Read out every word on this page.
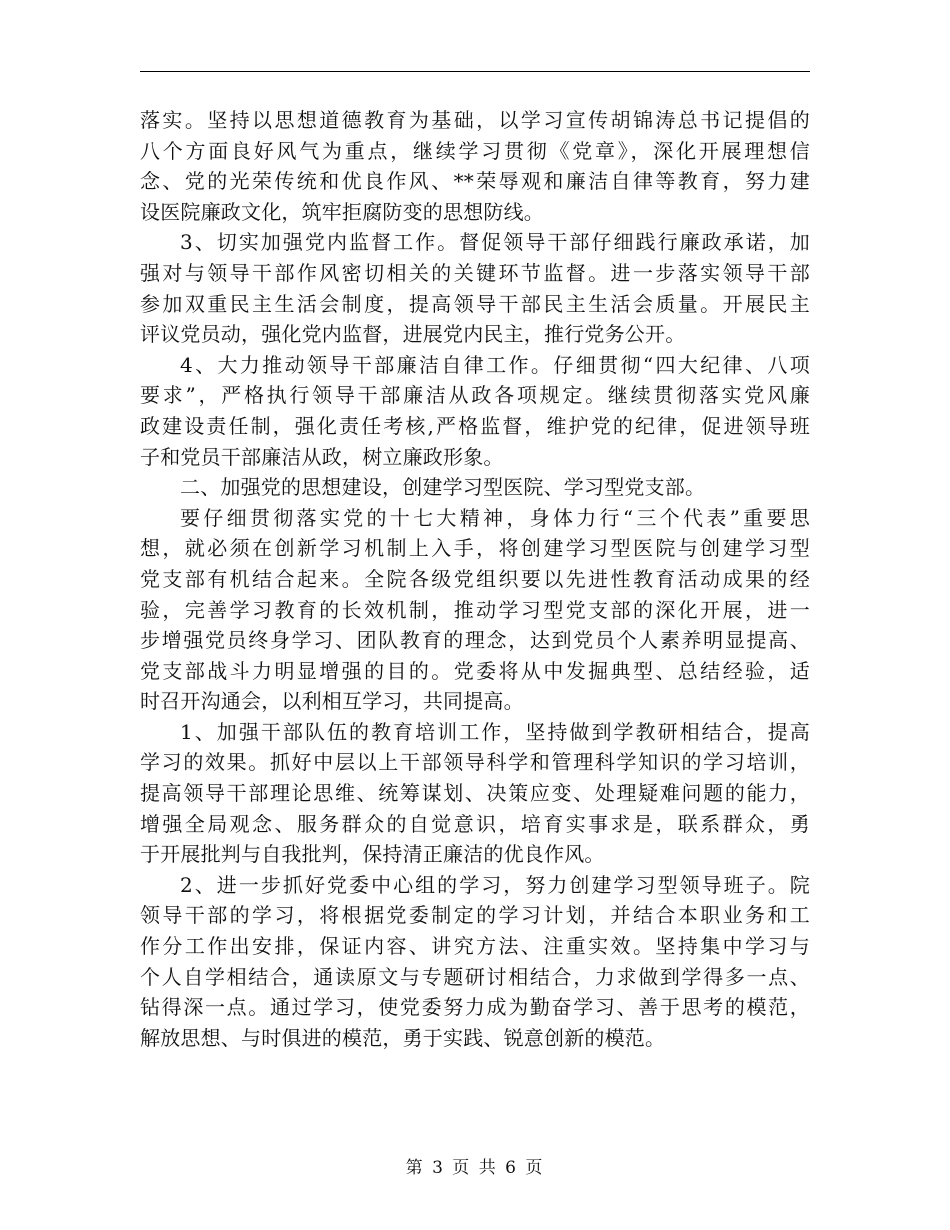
落实。坚持以思想道德教育为基础，以学习宣传胡锦涛总书记提倡的
八个方面良好风气为重点，继续学习贯彻《党章》，深化开展理想信
念、党的光荣传统和优良作风、**荣辱观和廉洁自律等教育，努力建
设医院廉政文化，筑牢拒腐防变的思想防线。
3、切实加强党内监督工作。督促领导干部仔细践行廉政承诺，加
强对与领导干部作风密切相关的关键环节监督。进一步落实领导干部
参加双重民主生活会制度，提高领导干部民主生活会质量。开展民主
评议党员动，强化党内监督，进展党内民主，推行党务公开。
4、大力推动领导干部廉洁自律工作。仔细贯彻“四大纪律、八项
要求”，严格执行领导干部廉洁从政各项规定。继续贯彻落实党风廉
政建设责任制，强化责任考核,严格监督，维护党的纪律，促进领导班
子和党员干部廉洁从政，树立廉政形象。
二、加强党的思想建设，创建学习型医院、学习型党支部。
要仔细贯彻落实党的十七大精神，身体力行“三个代表”重要思
想，就必须在创新学习机制上入手，将创建学习型医院与创建学习型
党支部有机结合起来。全院各级党组织要以先进性教育活动成果的经
验，完善学习教育的长效机制，推动学习型党支部的深化开展，进一
步增强党员终身学习、团队教育的理念，达到党员个人素养明显提高、
党支部战斗力明显增强的目的。党委将从中发掘典型、总结经验，适
时召开沟通会，以利相互学习，共同提高。
1、加强干部队伍的教育培训工作，坚持做到学教研相结合，提高
学习的效果。抓好中层以上干部领导科学和管理科学知识的学习培训，
提高领导干部理论思维、统筹谋划、决策应变、处理疑难问题的能力，
增强全局观念、服务群众的自觉意识，培育实事求是，联系群众，勇
于开展批判与自我批判，保持清正廉洁的优良作风。
2、进一步抓好党委中心组的学习，努力创建学习型领导班子。院
领导干部的学习，将根据党委制定的学习计划，并结合本职业务和工
作分工作出安排，保证内容、讲究方法、注重实效。坚持集中学习与
个人自学相结合，通读原文与专题研讨相结合，力求做到学得多一点、
钻得深一点。通过学习，使党委努力成为勤奋学习、善于思考的模范，
解放思想、与时俱进的模范，勇于实践、锐意创新的模范。
第 3 页 共 6 页
